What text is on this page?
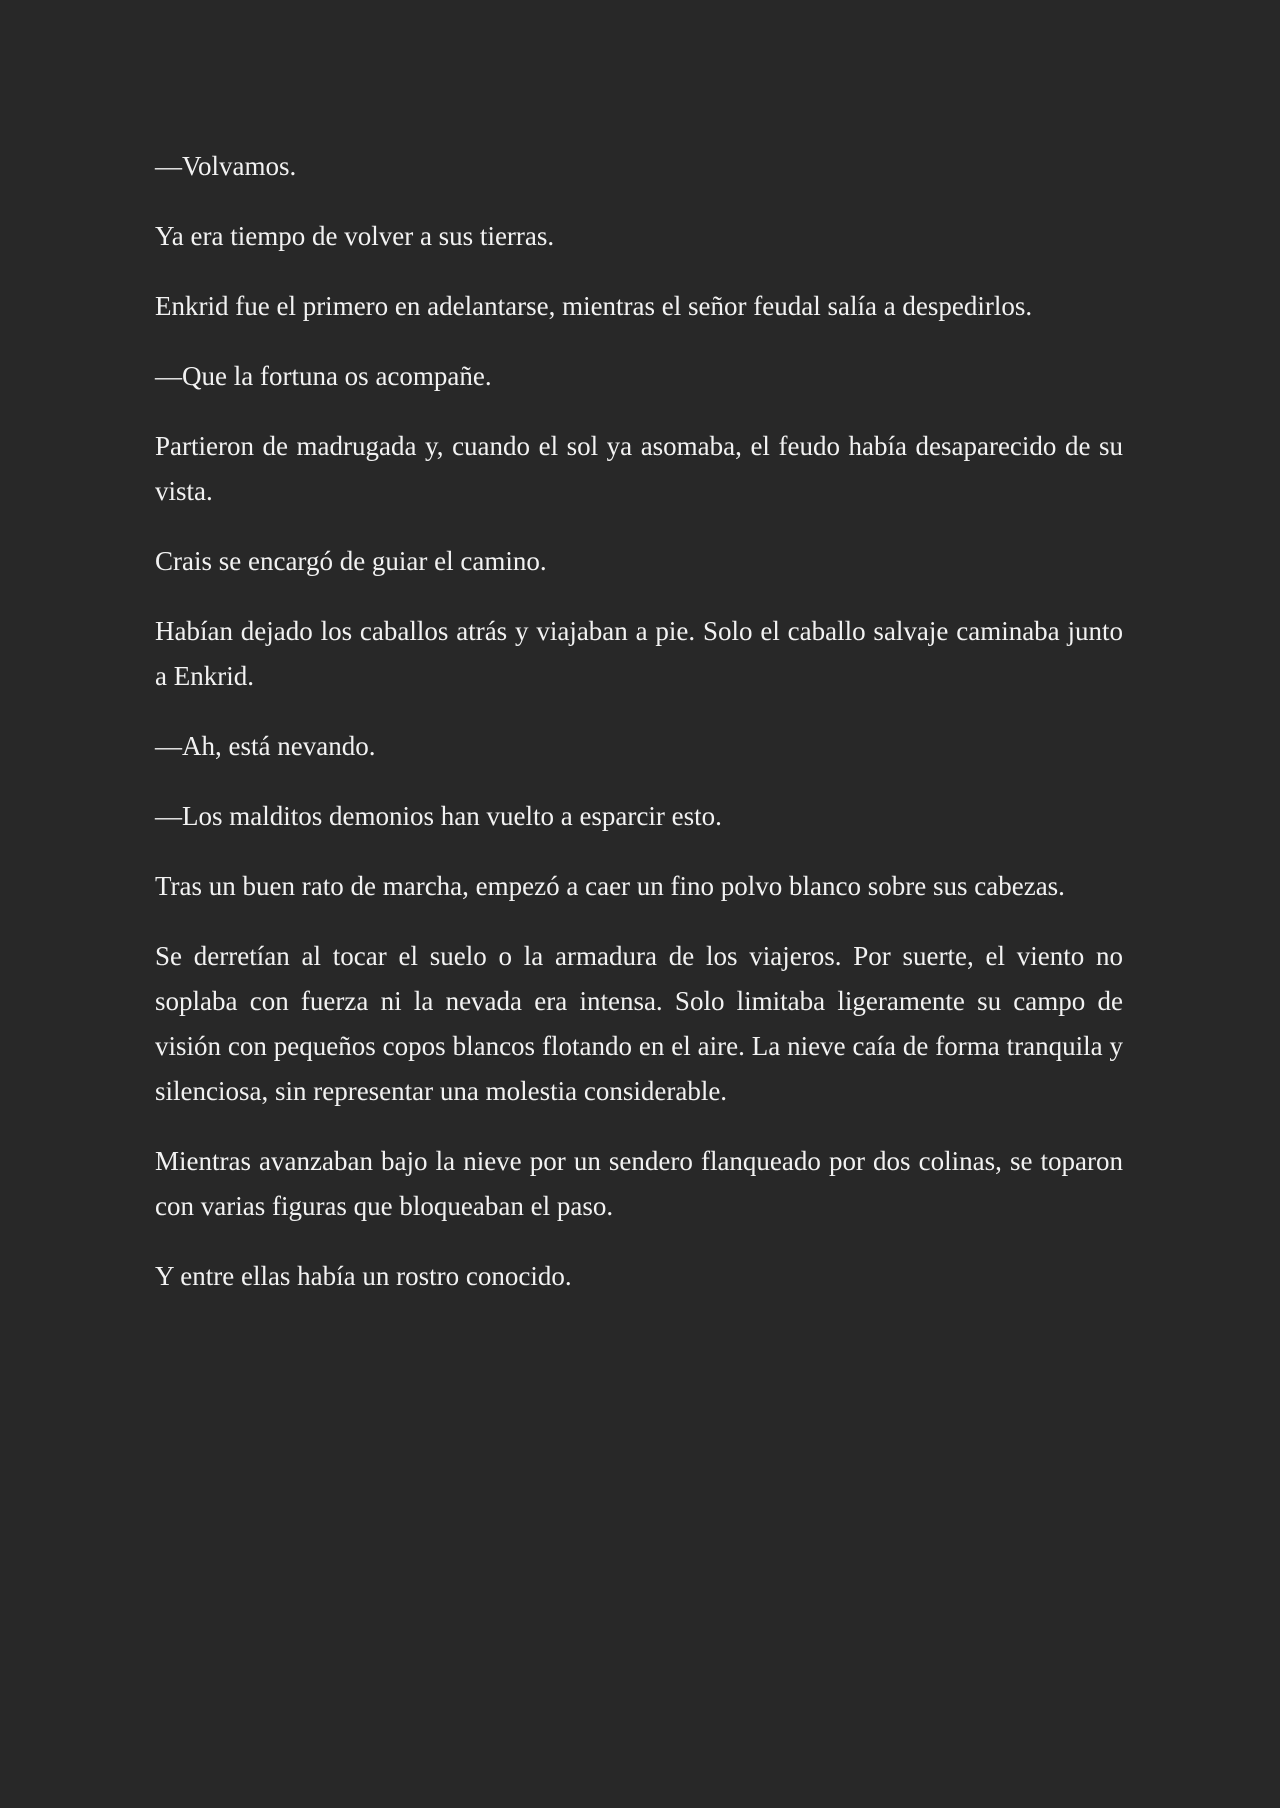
—Volvamos.

Ya era tiempo de volver a sus tierras.

Enkrid fue el primero en adelantarse, mientras el señor feudal salía a despedirlos.

—Que la fortuna os acompañe.

Partieron de madrugada y, cuando el sol ya asomaba, el feudo había desaparecido de su vista.

Crais se encargó de guiar el camino.

Habían dejado los caballos atrás y viajaban a pie. Solo el caballo salvaje caminaba junto a Enkrid.

—Ah, está nevando.

—Los malditos demonios han vuelto a esparcir esto.

Tras un buen rato de marcha, empezó a caer un fino polvo blanco sobre sus cabezas.

Se derretían al tocar el suelo o la armadura de los viajeros. Por suerte, el viento no soplaba con fuerza ni la nevada era intensa. Solo limitaba ligeramente su campo de visión con pequeños copos blancos flotando en el aire. La nieve caía de forma tranquila y silenciosa, sin representar una molestia considerable.

Mientras avanzaban bajo la nieve por un sendero flanqueado por dos colinas, se toparon con varias figuras que bloqueaban el paso.

Y entre ellas había un rostro conocido.
